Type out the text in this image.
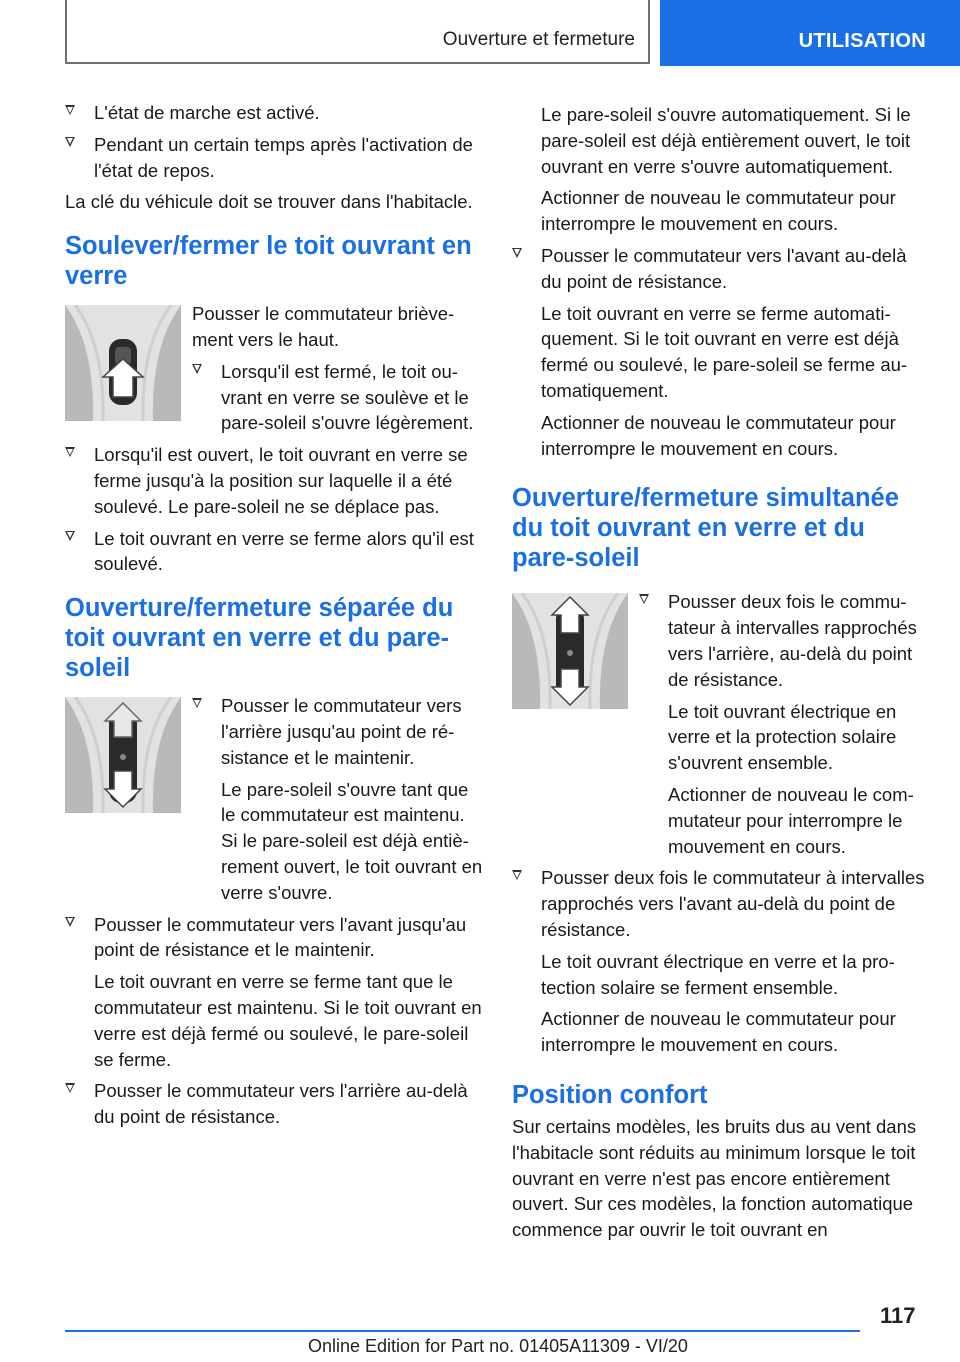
Ouverture et fermeture	UTILISATION
L'état de marche est activé.
Pendant un certain temps après l'activation de l'état de repos.

La clé du véhicule doit se trouver dans l'habitacle.

Soulever/fermer le toit ouvrant en verre

Pousser le commutateur brièvement vers le haut.

Lorsqu'il est fermé, le toit ouvrant en verre se soulève et le pare-soleil s'ouvre légèrement.
Lorsqu'il est ouvert, le toit ouvrant en verre se ferme jusqu'à la position sur laquelle il a été soulevé. Le pare-soleil ne se déplace pas.
Le toit ouvrant en verre se ferme alors qu'il est soulevé.
Ouverture/fermeture séparée du toit ouvrant en verre et du pare-soleil
Pousser le commutateur vers l'arrière jusqu'au point de résistance et le maintenir.

Le pare-soleil s'ouvre tant que le commutateur est maintenu. Si le pare-soleil est déjà entièrement ouvert, le toit ouvrant en verre s'ouvre.

Pousser le commutateur vers l'avant jusqu'au point de résistance et le maintenir.

Le toit ouvrant en verre se ferme tant que le commutateur est maintenu. Si le toit ouvrant en verre est déjà fermé ou soulevé, le pare-soleil se ferme.

Pousser le commutateur vers l'arrière au-delà du point de résistance.

Le pare-soleil s'ouvre automatiquement. Si le pare-soleil est déjà entièrement ouvert, le toit ouvrant en verre s'ouvre automatiquement.

Actionner de nouveau le commutateur pour interrompre le mouvement en cours.

Pousser le commutateur vers l'avant au-delà du point de résistance.

Le toit ouvrant en verre se ferme automatiquement. Si le toit ouvrant en verre est déjà fermé ou soulevé, le pare-soleil se ferme automatiquement.

Actionner de nouveau le commutateur pour interrompre le mouvement en cours.

Ouverture/fermeture simultanée du toit ouvrant en verre et du pare-soleil
Pousser deux fois le commutateur à intervalles rapprochés vers l'arrière, au-delà du point de résistance.

Le toit ouvrant électrique en verre et la protection solaire s'ouvrent ensemble.

Actionner de nouveau le commutateur pour interrompre le mouvement en cours.

Pousser deux fois le commutateur à intervalles rapprochés vers l'avant au-delà du point de résistance.

Le toit ouvrant électrique en verre et la protection solaire se ferment ensemble.

Actionner de nouveau le commutateur pour interrompre le mouvement en cours.

Position confort

Sur certains modèles, les bruits dus au vent dans l'habitacle sont réduits au minimum lorsque le toit ouvrant en verre n'est pas encore entièrement ouvert. Sur ces modèles, la fonction automatique commence par ouvrir le toit ouvrant en

117
Online Edition for Part no. 01405A11309 - VI/20
